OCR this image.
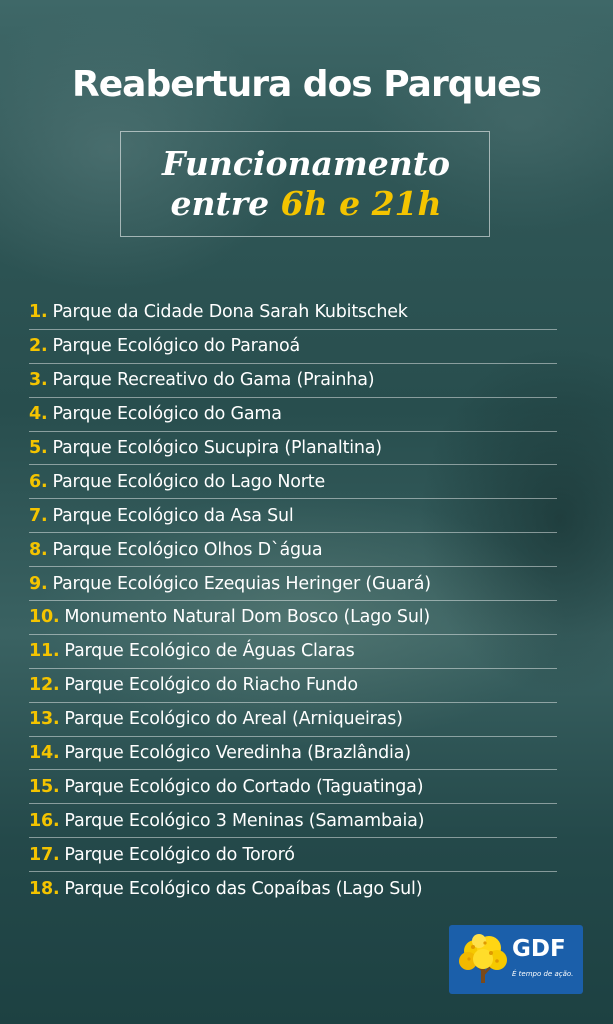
Reabertura dos Parques
Funcionamento
entre 6h e 21h
1. Parque da Cidade Dona Sarah Kubitschek
2. Parque Ecológico do Paranoá
3. Parque Recreativo do Gama (Prainha)
4. Parque Ecológico do Gama
5. Parque Ecológico Sucupira (Planaltina)
6. Parque Ecológico do Lago Norte
7. Parque Ecológico da Asa Sul
8. Parque Ecológico Olhos D`água
9. Parque Ecológico Ezequias Heringer (Guará)
10. Monumento Natural Dom Bosco (Lago Sul)
11. Parque Ecológico de Águas Claras
12. Parque Ecológico do Riacho Fundo
13. Parque Ecológico do Areal (Arniqueiras)
14. Parque Ecológico Veredinha (Brazlândia)
15. Parque Ecológico do Cortado (Taguatinga)
16. Parque Ecológico 3 Meninas (Samambaia)
17. Parque Ecológico do Tororó
18. Parque Ecológico das Copaíbas (Lago Sul)
GDF
É tempo de ação.
